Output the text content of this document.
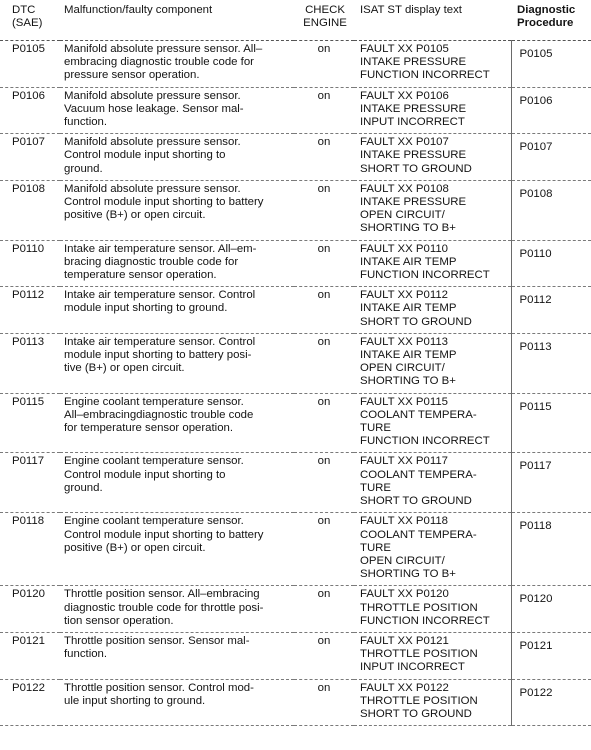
DTC
(SAE)	Malfunction/faulty component	CHECK
ENGINE	ISAT ST display text	Diagnostic
Procedure
P0105	Manifold absolute pressure sensor. All–
embracing diagnostic trouble code for
pressure sensor operation.	on	FAULT XX P0105
INTAKE PRESSURE
FUNCTION INCORRECT	P0105

P0106	Manifold absolute pressure sensor.
Vacuum hose leakage. Sensor mal-
function.	on	FAULT XX P0106
INTAKE PRESSURE
INPUT INCORRECT	P0106

P0107	Manifold absolute pressure sensor.
Control module input shorting to
ground.	on	FAULT XX P0107
INTAKE PRESSURE
SHORT TO GROUND	P0107

P0108	Manifold absolute pressure sensor.
Control module input shorting to battery
positive (B+) or open circuit.	on	FAULT XX P0108
INTAKE PRESSURE
OPEN CIRCUIT/
SHORTING TO B+	P0108

P0110	Intake air temperature sensor. All–em-
bracing diagnostic trouble code for
temperature sensor operation.	on	FAULT XX P0110
INTAKE AIR TEMP
FUNCTION INCORRECT	P0110

P0112	Intake air temperature sensor. Control
module input shorting to ground.	on	FAULT XX P0112
INTAKE AIR TEMP
SHORT TO GROUND	P0112

P0113	Intake air temperature sensor. Control
module input shorting to battery posi-
tive (B+) or open circuit.	on	FAULT XX P0113
INTAKE AIR TEMP
OPEN CIRCUIT/
SHORTING TO B+	P0113

P0115	Engine coolant temperature sensor.
All–embracingdiagnostic trouble code
for temperature sensor operation.	on	FAULT XX P0115
COOLANT TEMPERA-
TURE
FUNCTION INCORRECT	P0115

P0117	Engine coolant temperature sensor.
Control module input shorting to
ground.	on	FAULT XX P0117
COOLANT TEMPERA-
TURE
SHORT TO GROUND	P0117

P0118	Engine coolant temperature sensor.
Control module input shorting to battery
positive (B+) or open circuit.	on	FAULT XX P0118
COOLANT TEMPERA-
TURE
OPEN CIRCUIT/
SHORTING TO B+	P0118

P0120	Throttle position sensor. All–embracing
diagnostic trouble code for throttle posi-
tion sensor operation.	on	FAULT XX P0120
THROTTLE POSITION
FUNCTION INCORRECT	P0120

P0121	Throttle position sensor. Sensor mal-
function.	on	FAULT XX P0121
THROTTLE POSITION
INPUT INCORRECT	P0121

P0122	Throttle position sensor. Control mod-
ule input shorting to ground.	on	FAULT XX P0122
THROTTLE POSITION
SHORT TO GROUND	P0122
